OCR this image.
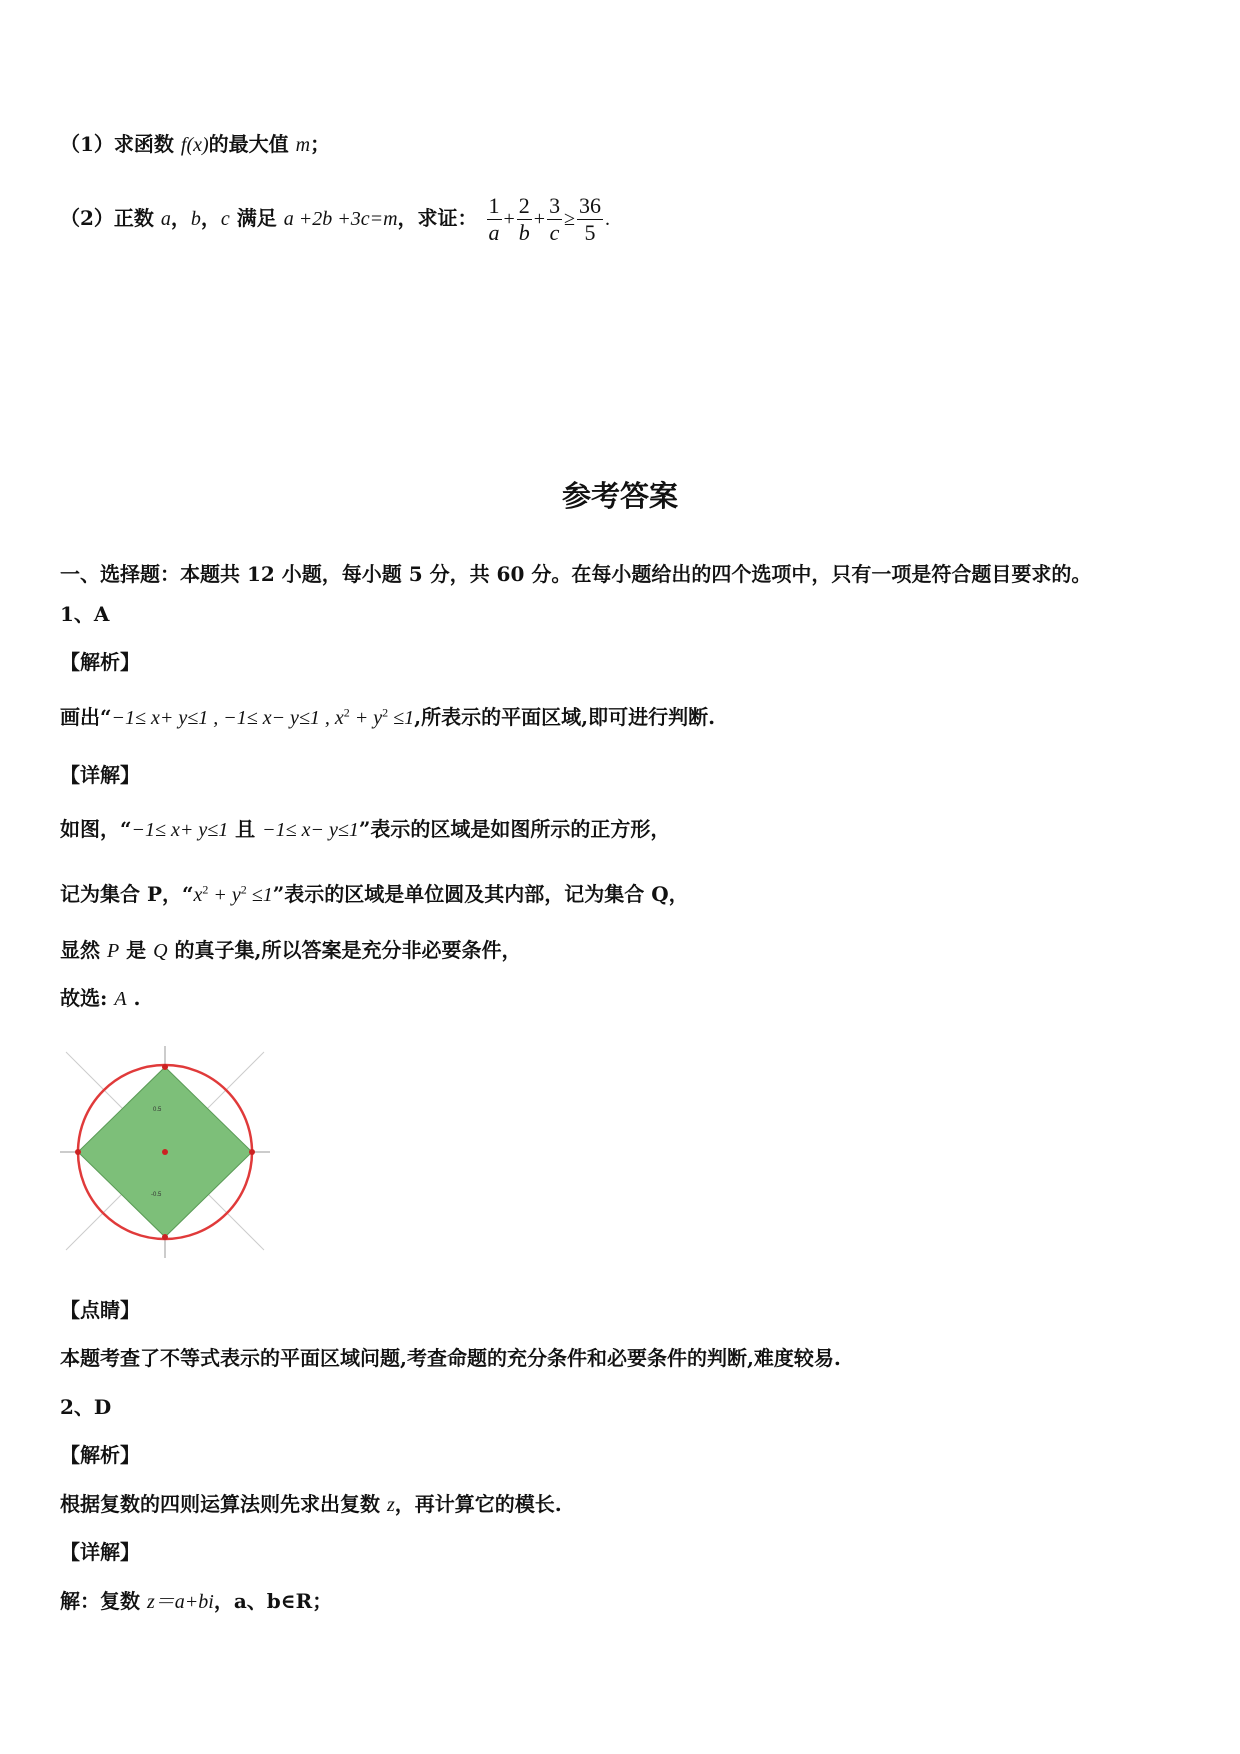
（1）求函数 f(x)的最大值 m；
（2）正数 a，b，c 满足 a +2b +3c=m，求证： $\frac{1}{a} + \frac{2}{b} + \frac{3}{c} \ge \frac{36}{5}$ .
参考答案
一、选择题：本题共 12 小题，每小题 5 分，共 60 分。在每小题给出的四个选项中，只有一项是符合题目要求的。
1、A
【解析】
画出“−1≤ x+ y≤1 , −1≤ x− y≤1 , $x^2 + y^2 \le 1$,所表示的平面区域,即可进行判断.
【详解】
如图，“−1≤ x+ y≤1 且 −1≤ x− y≤1”表示的区域是如图所示的正方形，
记为集合 P，“$x^2 + y^2 \le 1$”表示的区域是单位圆及其内部，记为集合 Q，
显然 P 是 Q 的真子集,所以答案是充分非必要条件，
故选: A .
0.5
-0.5
【点睛】
本题考查了不等式表示的平面区域问题,考查命题的充分条件和必要条件的判断,难度较易.
2、D
【解析】
根据复数的四则运算法则先求出复数 z，再计算它的模长.
【详解】
解：复数 z＝a+bi，a、b∈R；
